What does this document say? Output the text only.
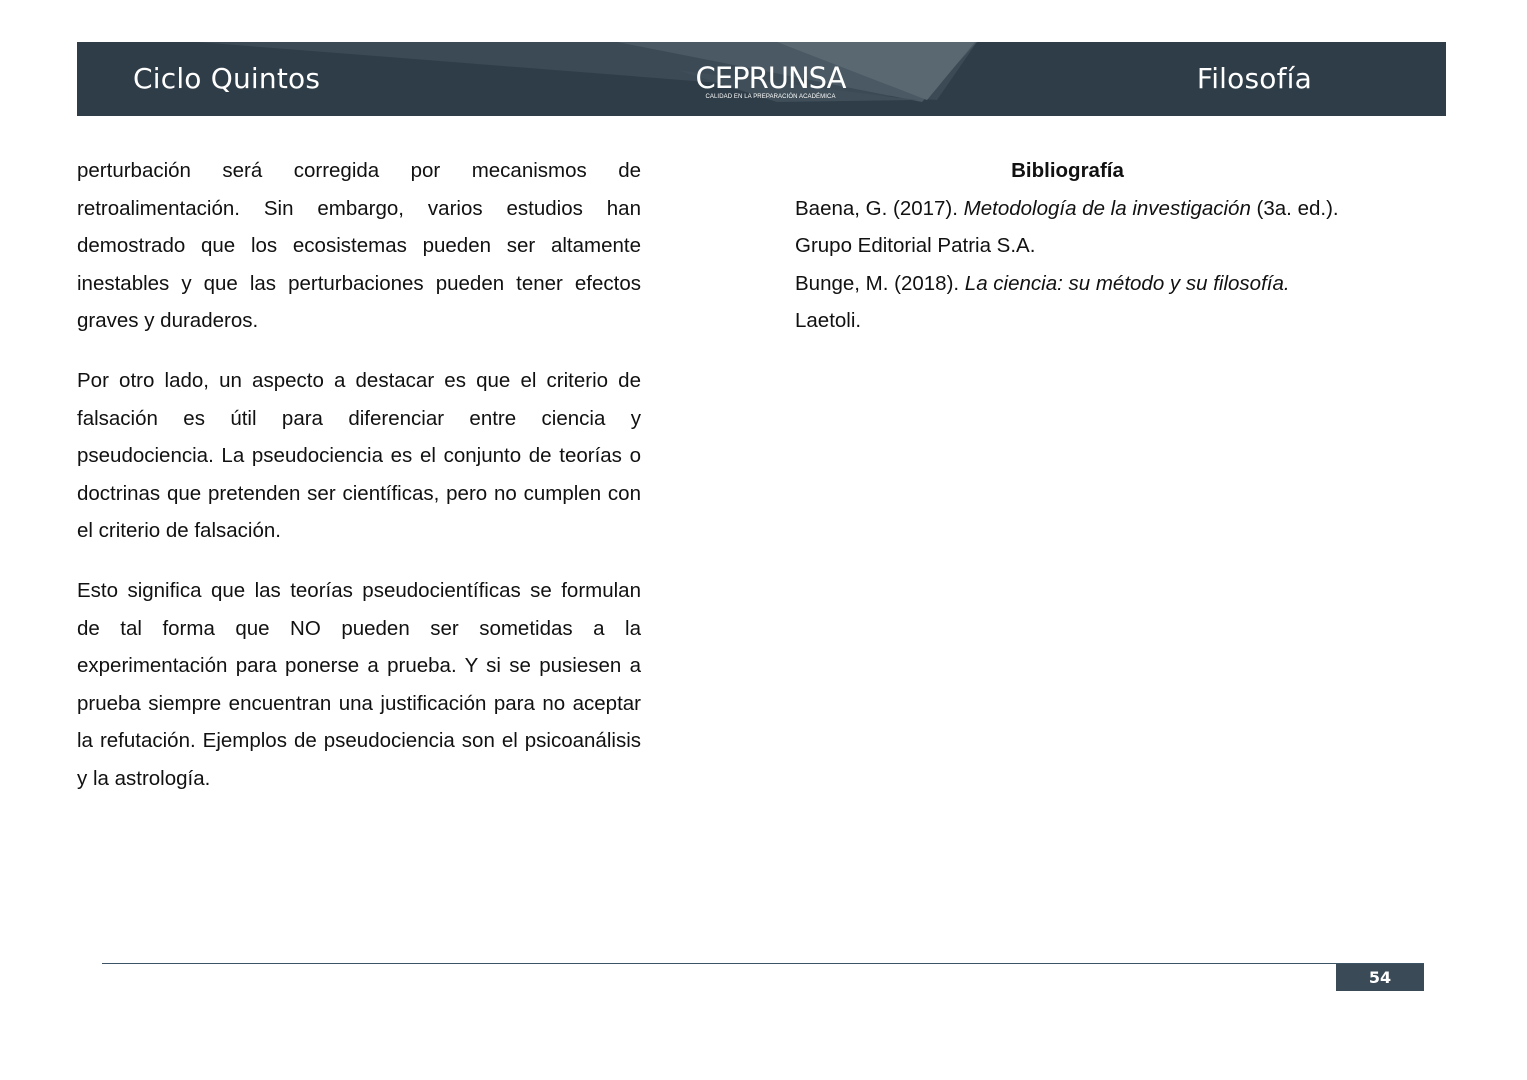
Ciclo Quintos	CEPRUNSA
CALIDAD EN LA PREPARACIÓN ACADÉMICA
Filosofía

perturbación será corregida por mecanismos de retroalimentación. Sin embargo, varios estudios han demostrado que los ecosistemas pueden ser altamente inestables y que las perturbaciones pueden tener efectos graves y duraderos.

Por otro lado, un aspecto a destacar es que el criterio de falsación es útil para diferenciar entre ciencia y pseudociencia. La pseudociencia es el conjunto de teorías o doctrinas que pretenden ser científicas, pero no cumplen con el criterio de falsación.

Esto significa que las teorías pseudocientíficas se formulan de tal forma que NO pueden ser sometidas a la experimentación para ponerse a prueba. Y si se pusiesen a prueba siempre encuentran una justificación para no aceptar la refutación. Ejemplos de pseudociencia son el psicoanálisis y la astrología.

Bibliografía

Baena, G. (2017). Metodología de la investigación (3a. ed.). Grupo Editorial Patria S.A.

Bunge, M. (2018). La ciencia: su método y su filosofía. Laetoli.

54
